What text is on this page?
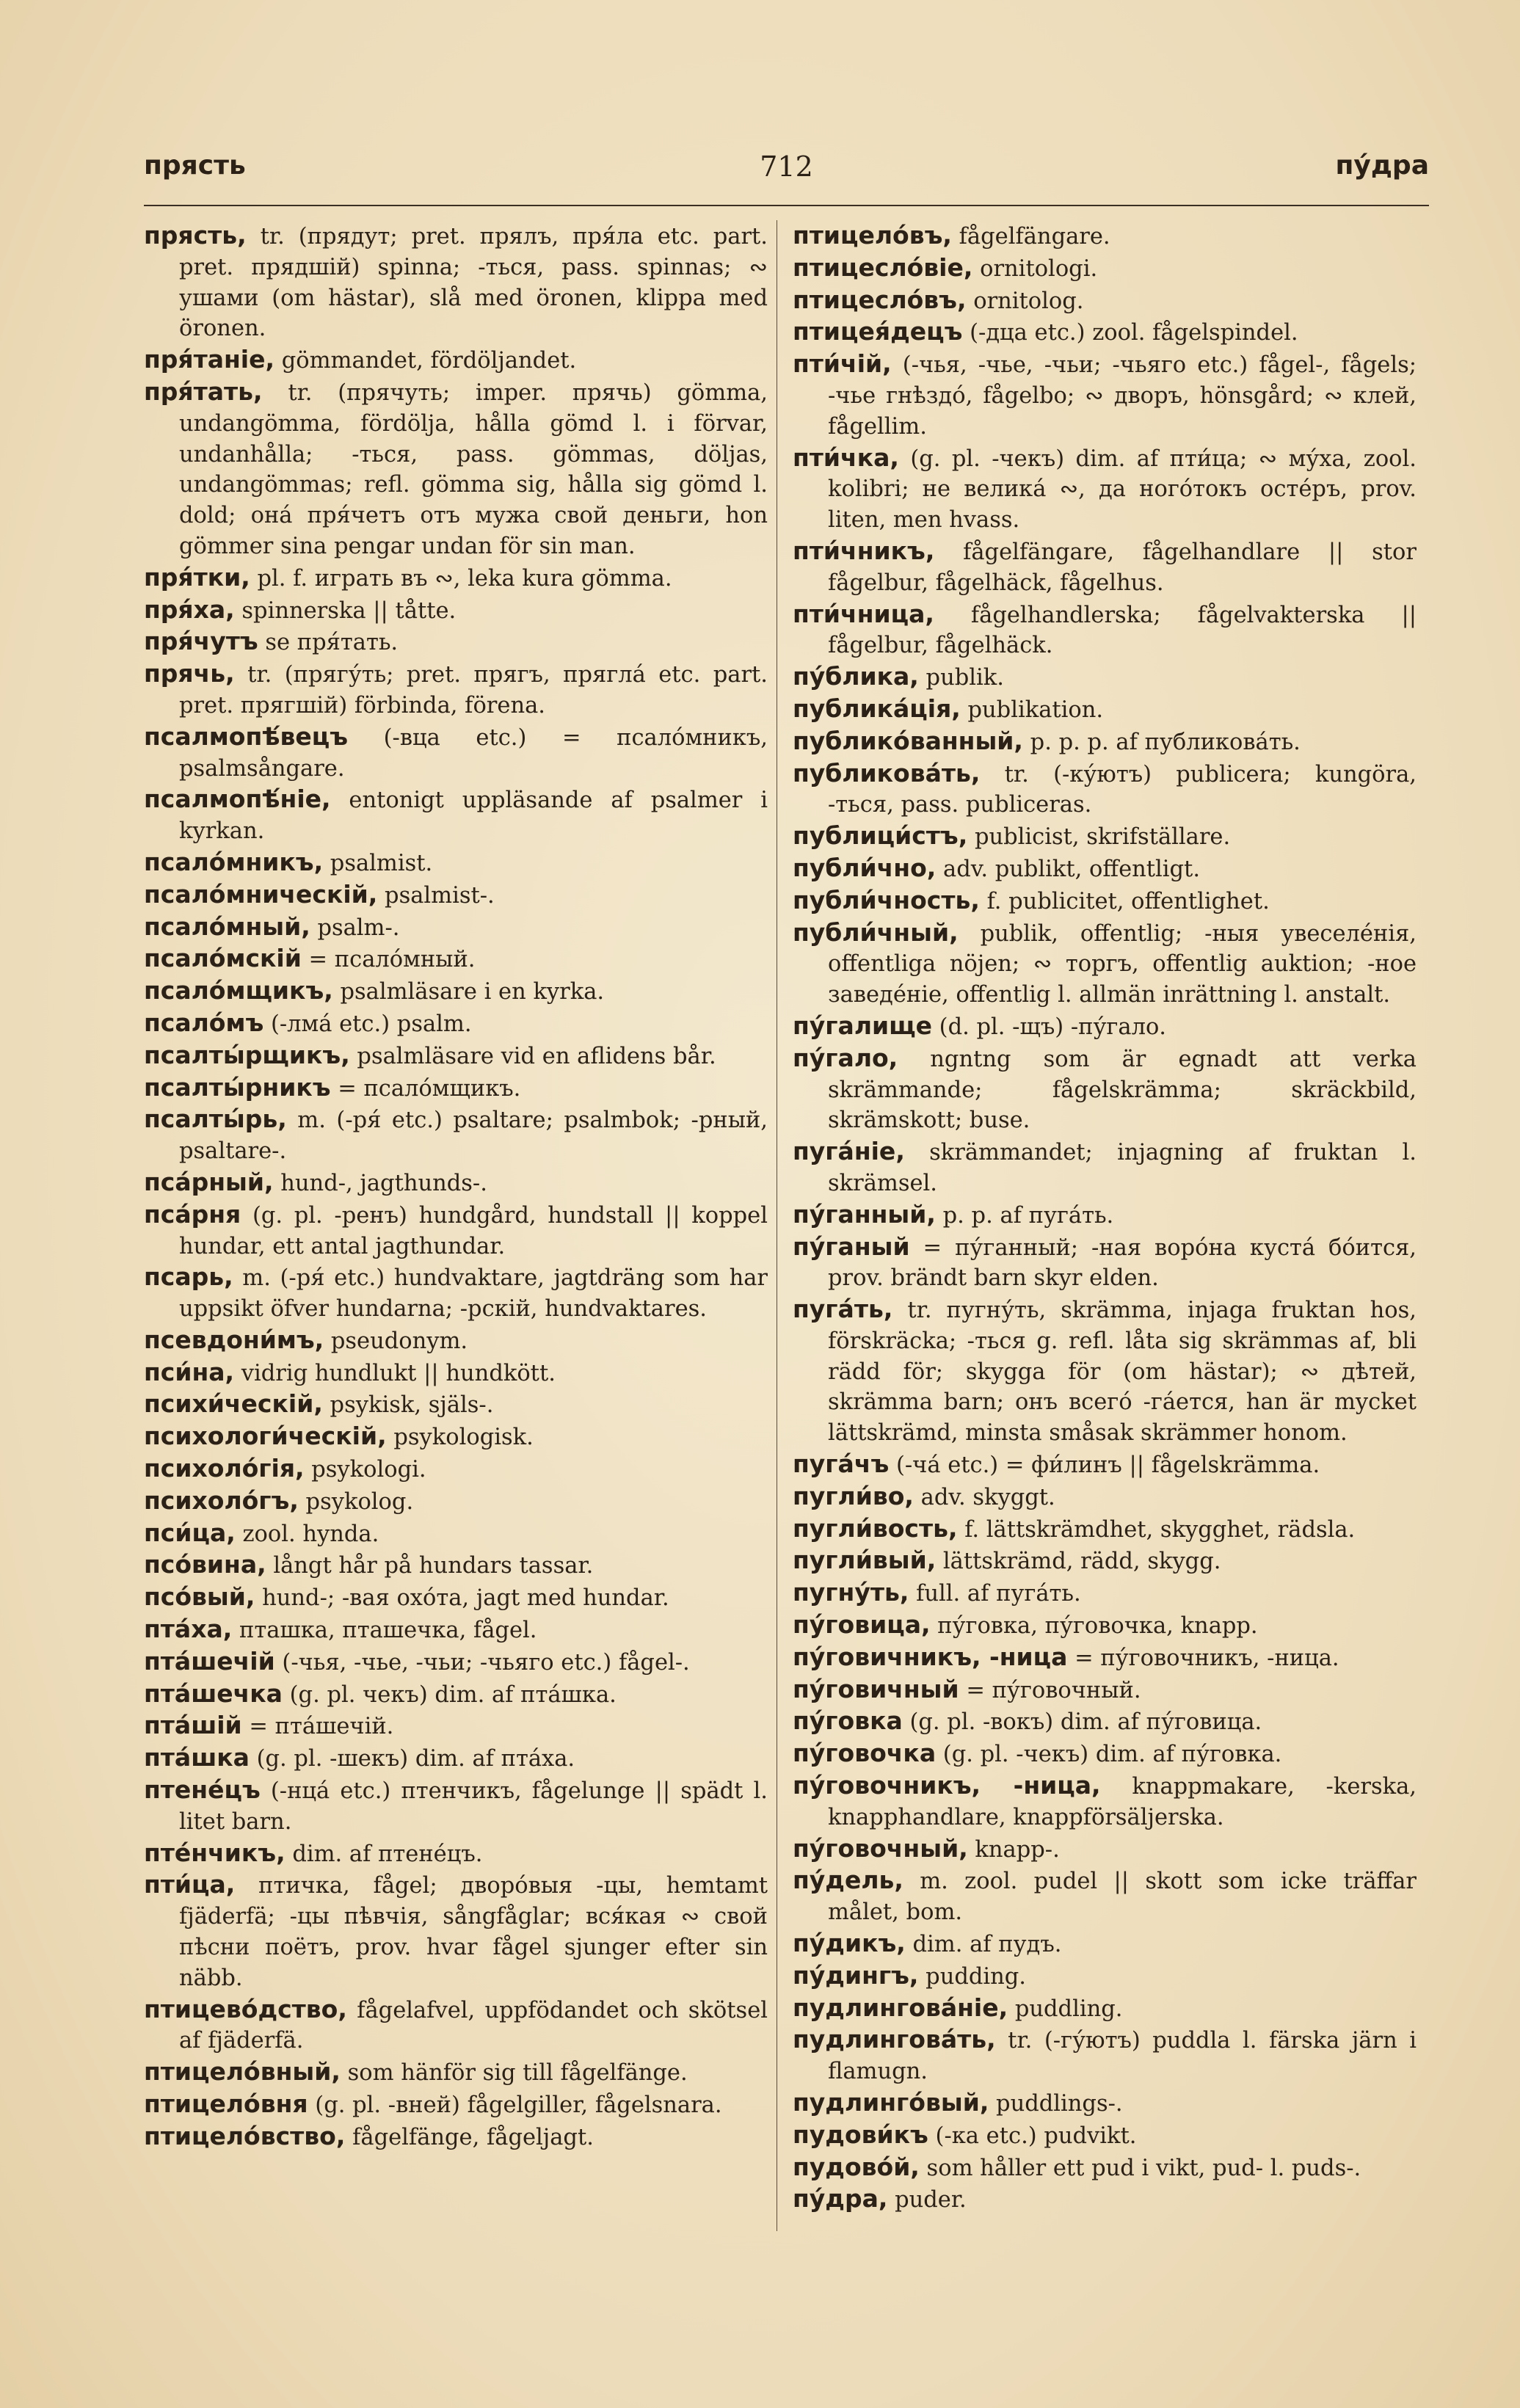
прясть	712	пу́дра

прясть, tr. (прядут; pret. прялъ, пря́ла etc. part. pret. прядшій) spinna; -ться, pass. spinnas; ∾ ушами (om hästar), slå med öronen, klippa med öronen.

пря́таніе, gömmandet, fördöljandet.

пря́тать, tr. (прячуть; imper. прячь) gömma, undangömma, fördölja, hålla gömd l. i förvar, undanhålla; -ться, pass. gömmas, döljas, undangömmas; refl. gömma sig, hålla sig gömd l. dold; она́ пря́четъ отъ мужа свой деньги, hon gömmer sina pengar undan för sin man.

пря́тки, pl. f. играть въ ∾, leka kura gömma.

пря́ха, spinnerska || tåtte.

пря́чутъ se пря́тать.

прячь, tr. (прягу́ть; pret. прягъ, прягла́ etc. part. pret. прягшій) förbinda, förena.

псалмопѣ́вецъ (-вца etc.) = псало́мникъ, psalmsångare.

псалмопѣ́ніе, entonigt uppläsande af psalmer i kyrkan.

псало́мникъ, psalmist.

псало́мническій, psalmist-.

псало́мный, psalm-.

псало́мскій = псало́мный.

псало́мщикъ, psalmläsare i en kyrka.

псало́мъ (-лма́ etc.) psalm.

псалты́рщикъ, psalmläsare vid en aflidens bår.

псалты́рникъ = псало́мщикъ.

псалты́рь, m. (-ря́ etc.) psaltare; psalmbok; -рный, psaltare-.

пса́рный, hund-, jagthunds-.

пса́рня (g. pl. -ренъ) hundgård, hundstall || koppel hundar, ett antal jagthundar.

псарь, m. (-ря́ etc.) hundvaktare, jagtdräng som har uppsikt öfver hundarna; -рскій, hundvaktares.

псевдони́мъ, pseudonym.

пси́на, vidrig hundlukt || hundkött.

психи́ческій, psykisk, själs-.

психологи́ческій, psykologisk.

психоло́гія, psykologi.

психоло́гъ, psykolog.

пси́ца, zool. hynda.

псо́вина, långt hår på hundars tassar.

псо́вый, hund-; -вая охо́та, jagt med hundar.

пта́ха, пташка, пташечка, fågel.

пта́шечій (-чья, -чье, -чьи; -чьяго etc.) fågel-.

пта́шечка (g. pl. чекъ) dim. af пта́шка.

пта́шій = пта́шечій.

пта́шка (g. pl. -шекъ) dim. af пта́ха.

птене́цъ (-нца́ etc.) птенчикъ, fågelunge || spädt l. litet barn.

пте́нчикъ, dim. af птене́цъ.

пти́ца, птичка, fågel; дворо́выя -цы, hemtamt fjäderfä; -цы пѣвчія, sångfåglar; вся́кая ∾ свой пѣсни поётъ, prov. hvar fågel sjunger efter sin näbb.

птицево́дство, fågelafvel, uppfödandet och skötsel af fjäderfä.

птицело́вный, som hänför sig till fågelfänge.

птицело́вня (g. pl. -вней) fågelgiller, fågelsnara.

птицело́вство, fågelfänge, fågeljagt.

птицело́въ, fågelfängare.

птицесло́віе, ornitologi.

птицесло́въ, ornitolog.

птицея́децъ (-дца etc.) zool. fågelspindel.

пти́чій, (-чья, -чье, -чьи; -чьяго etc.) fågel-, fågels; -чье гнѣздо́, fågelbo; ∾ дворъ, hönsgård; ∾ клей, fågellim.

пти́чка, (g. pl. -чекъ) dim. af пти́ца; ∾ му́ха, zool. kolibri; не велика́ ∾, да ного́токъ осте́ръ, prov. liten, men hvass.

пти́чникъ, fågelfängare, fågelhandlare || stor fågelbur, fågelhäck, fågelhus.

пти́чница, fågelhandlerska; fågelvakterska || fågelbur, fågelhäck.

пу́блика, publik.

публика́ція, publikation.

публико́ванный, p. p. p. af публикова́ть.

публикова́ть, tr. (-ку́ютъ) publicera; kungöra, -ться, pass. publiceras.

публици́стъ, publicist, skrifställare.

публи́чно, adv. publikt, offentligt.

публи́чность, f. publicitet, offentlighet.

публи́чный, publik, offentlig; -ныя увеселе́нія, offentliga nöjen; ∾ торгъ, offentlig auktion; -ное заведе́ніе, offentlig l. allmän inrättning l. anstalt.

пу́галище (d. pl. -щъ) -пу́гало.

пу́гало, ngntng som är egnadt att verka skrämmande; fågelskrämma; skräckbild, skrämskott; buse.

пуга́ніе, skrämmandet; injagning af fruktan l. skrämsel.

пу́ганный, p. p. af пуга́ть.

пу́ганый = пу́ганный; -ная воро́на куста́ бо́ится, prov. brändt barn skyr elden.

пуга́ть, tr. пугну́ть, skrämma, injaga fruktan hos, förskräcka; -ться g. refl. låta sig skrämmas af, bli rädd för; skygga för (om hästar); ∾ дѣтей, skrämma barn; онъ всего́ -га́ется, han är mycket lättskrämd, minsta småsak skrämmer honom.

пуга́чъ (-ча́ etc.) = фи́линъ || fågelskrämma.

пугли́во, adv. skyggt.

пугли́вость, f. lättskrämdhet, skygghet, rädsla.

пугли́вый, lättskrämd, rädd, skygg.

пугну́ть, full. af пуга́ть.

пу́говица, пу́говка, пу́говочка, knapp.

пу́говичникъ, -ница = пу́говочникъ, -ница.

пу́говичный = пу́говочный.

пу́говка (g. pl. -вокъ) dim. af пу́говица.

пу́говочка (g. pl. -чекъ) dim. af пу́говка.

пу́говочникъ, -ница, knappmakare, -kerska, knapphandlare, knappförsäljerska.

пу́говочный, knapp-.

пу́дель, m. zool. pudel || skott som icke träffar målet, bom.

пу́дикъ, dim. af пудъ.

пу́дингъ, pudding.

пудлингова́ніе, puddling.

пудлингова́ть, tr. (-гу́ютъ) puddla l. färska järn i flamugn.

пудлинго́вый, puddlings-.

пудови́къ (-ка etc.) pudvikt.

пудово́й, som håller ett pud i vikt, pud- l. puds-.

пу́дра, puder.
